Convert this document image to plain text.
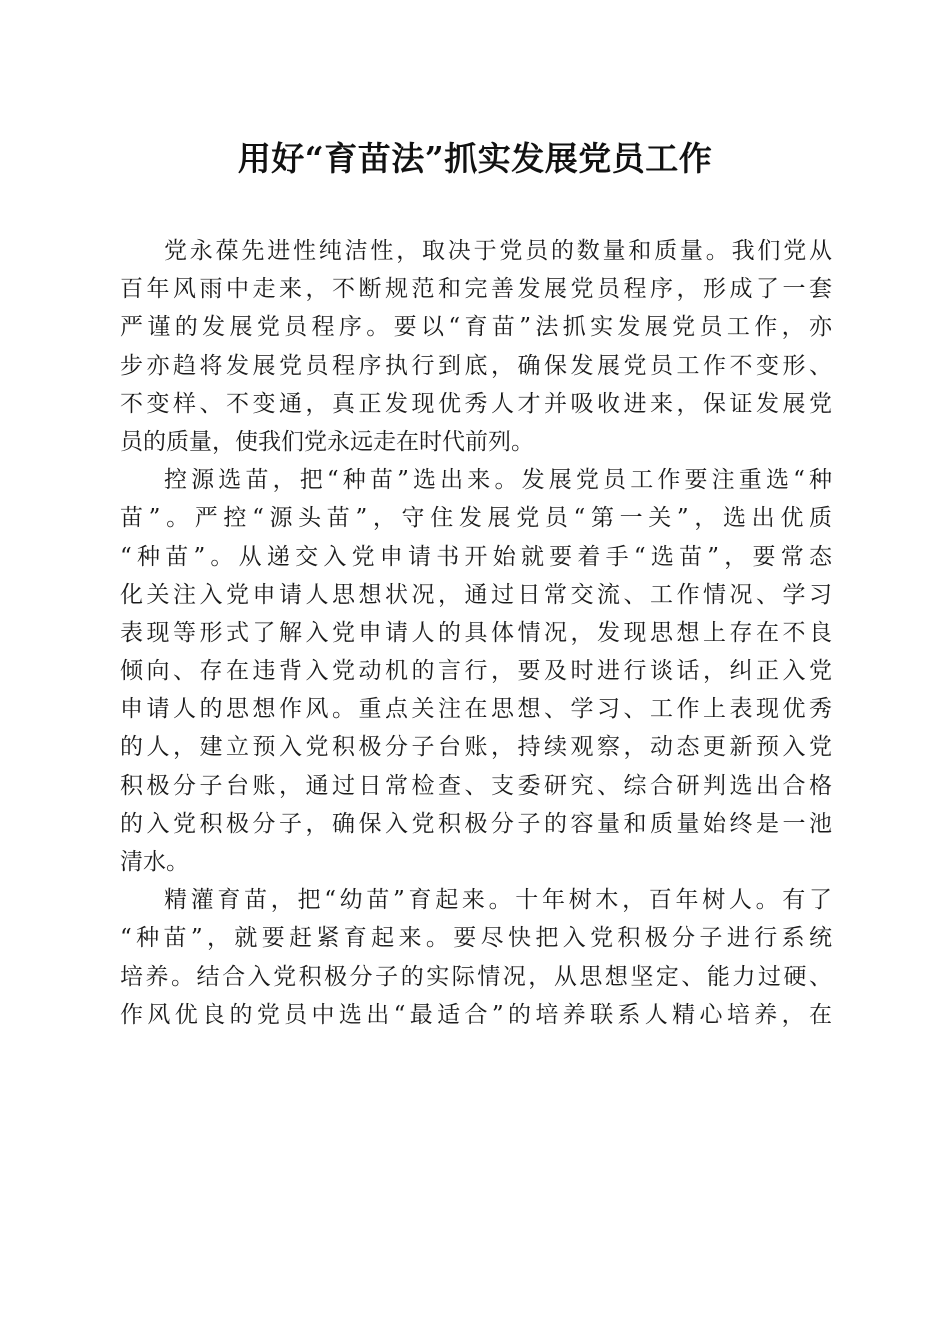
用好“育苗法”抓实发展党员工作
党永葆先进性纯洁性，取决于党员的数量和质量。我们党从
百年风雨中走来，不断规范和完善发展党员程序，形成了一套
严谨的发展党员程序。要以“育苗”法抓实发展党员工作，亦
步亦趋将发展党员程序执行到底，确保发展党员工作不变形、
不变样、不变通，真正发现优秀人才并吸收进来，保证发展党
员的质量，使我们党永远走在时代前列。
控源选苗，把“种苗”选出来。发展党员工作要注重选“种
苗”。严控“源头苗”，守住发展党员“第一关”，选出优质
“种苗”。从递交入党申请书开始就要着手“选苗”，要常态
化关注入党申请人思想状况，通过日常交流、工作情况、学习
表现等形式了解入党申请人的具体情况，发现思想上存在不良
倾向、存在违背入党动机的言行，要及时进行谈话，纠正入党
申请人的思想作风。重点关注在思想、学习、工作上表现优秀
的人，建立预入党积极分子台账，持续观察，动态更新预入党
积极分子台账，通过日常检查、支委研究、综合研判选出合格
的入党积极分子，确保入党积极分子的容量和质量始终是一池
清水。
精灌育苗，把“幼苗”育起来。十年树木，百年树人。有了
“种苗”，就要赶紧育起来。要尽快把入党积极分子进行系统
培养。结合入党积极分子的实际情况，从思想坚定、能力过硬、
作风优良的党员中选出“最适合”的培养联系人精心培养，在
